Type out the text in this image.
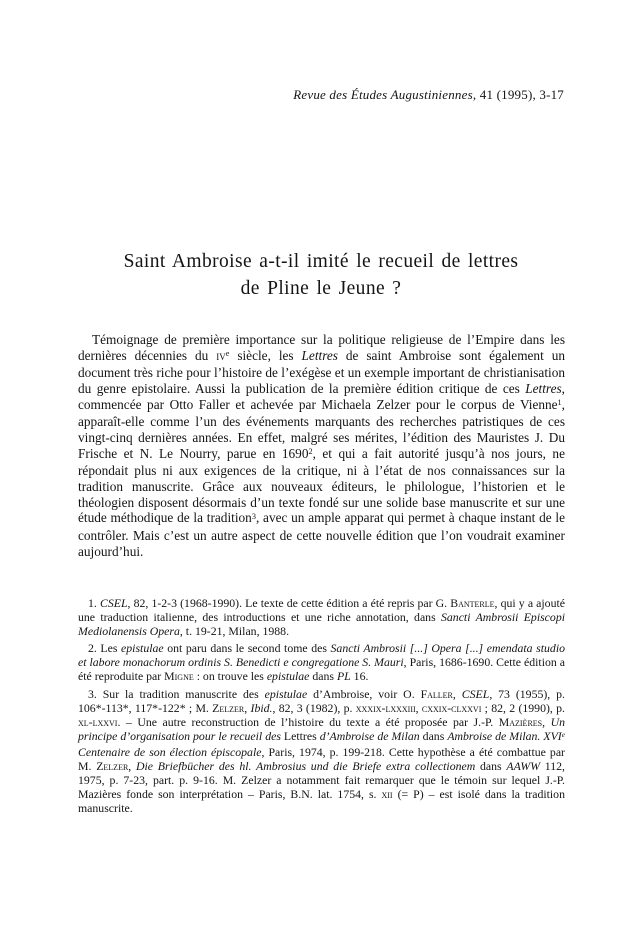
Revue des Études Augustiniennes, 41 (1995), 3-17
Saint Ambroise a-t-il imité le recueil de lettres
de Pline le Jeune ?

Témoignage de première importance sur la politique religieuse de l’Empire dans les dernières décennies du $iv^e$ siècle, les Lettres de saint Ambroise sont également un document très riche pour l’histoire de l’exégèse et un exemple important de christianisation du genre epistolaire. Aussi la publication de la première édition critique de ces Lettres, commencée par Otto Faller et achevée par Michaela Zelzer pour le corpus de Vienne$^1$, apparaît-elle comme l’un des événements marquants des recherches patristiques de ces vingt-cinq dernières années. En effet, malgré ses mérites, l’édition des Mauristes J. Du Frische et N. Le Nourry, parue en 1690$^2$, et qui a fait autorité jusqu’à nos jours, ne répondait plus ni aux exigences de la critique, ni à l’état de nos connaissances sur la tradition manuscrite. Grâce aux nouveaux éditeurs, le philologue, l’historien et le théologien disposent désormais d’un texte fondé sur une solide base manuscrite et sur une étude méthodique de la tradition$^3$, avec un ample apparat qui permet à chaque instant de le contrôler. Mais c’est un autre aspect de cette nouvelle édition que l’on voudrait examiner aujourd’hui.

1. CSEL, 82, 1-2-3 (1968-1990). Le texte de cette édition a été repris par G. Banterle, qui y a ajouté une traduction italienne, des introductions et une riche annotation, dans Sancti Ambrosii Episcopi Mediolanensis Opera, t. 19-21, Milan, 1988.

2. Les epistulae ont paru dans le second tome des Sancti Ambrosii [...] Opera [...] emendata studio et labore monachorum ordinis S. Benedicti e congregatione S. Mauri, Paris, 1686-1690. Cette édition a été reproduite par Migne : on trouve les epistulae dans PL 16.

3. Sur la tradition manuscrite des epistulae d’Ambroise, voir O. Faller, CSEL, 73 (1955), p. 106*-113*, 117*-122* ; M. Zelzer, Ibid., 82, 3 (1982), p. xxxix-lxxxiii, cxxix-clxxvi ; 82, 2 (1990), p. xl-lxxvi. – Une autre reconstruction de l’histoire du texte a été proposée par J.-P. Mazières, Un principe d’organisation pour le recueil des Lettres d’Ambroise de Milan dans Ambroise de Milan. XVIe Centenaire de son élection épiscopale, Paris, 1974, p. 199-218. Cette hypothèse a été combattue par M. Zelzer, Die Briefbücher des hl. Ambrosius und die Briefe extra collectionem dans AAWW 112, 1975, p. 7-23, part. p. 9-16. M. Zelzer a notamment fait remarquer que le témoin sur lequel J.-P. Mazières fonde son interprétation – Paris, B.N. lat. 1754, s. xii (= P) – est isolé dans la tradition manuscrite.
